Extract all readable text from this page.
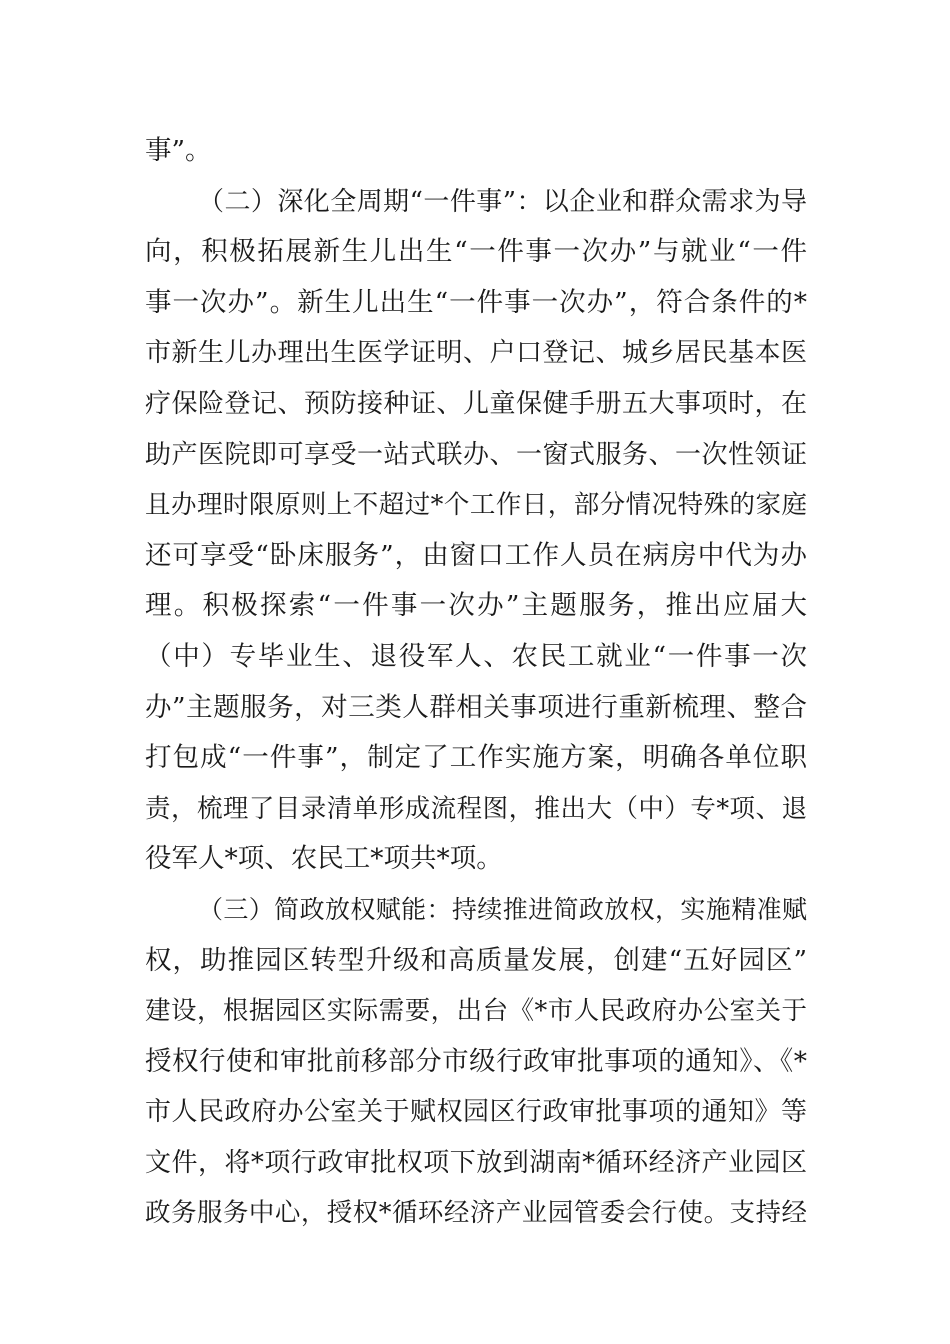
事”。
（二）深化全周期“一件事”：以企业和群众需求为导
向，积极拓展新生儿出生“一件事一次办”与就业“一件
事一次办”。新生儿出生“一件事一次办”，符合条件的*
市新生儿办理出生医学证明、户口登记、城乡居民基本医
疗保险登记、预防接种证、儿童保健手册五大事项时，在
助产医院即可享受一站式联办、一窗式服务、一次性领证
且办理时限原则上不超过*个工作日，部分情况特殊的家庭
还可享受“卧床服务”，由窗口工作人员在病房中代为办
理。积极探索“一件事一次办”主题服务，推出应届大
（中）专毕业生、退役军人、农民工就业“一件事一次
办”主题服务，对三类人群相关事项进行重新梳理、整合
打包成“一件事”，制定了工作实施方案，明确各单位职
责，梳理了目录清单形成流程图，推出大（中）专*项、退
役军人*项、农民工*项共*项。
（三）简政放权赋能：持续推进简政放权，实施精准赋
权，助推园区转型升级和高质量发展，创建“五好园区”
建设，根据园区实际需要，出台《*市人民政府办公室关于
授权行使和审批前移部分市级行政审批事项的通知》、《*
市人民政府办公室关于赋权园区行政审批事项的通知》等
文件，将*项行政审批权项下放到湖南*循环经济产业园区
政务服务中心，授权*循环经济产业园管委会行使。支持经
